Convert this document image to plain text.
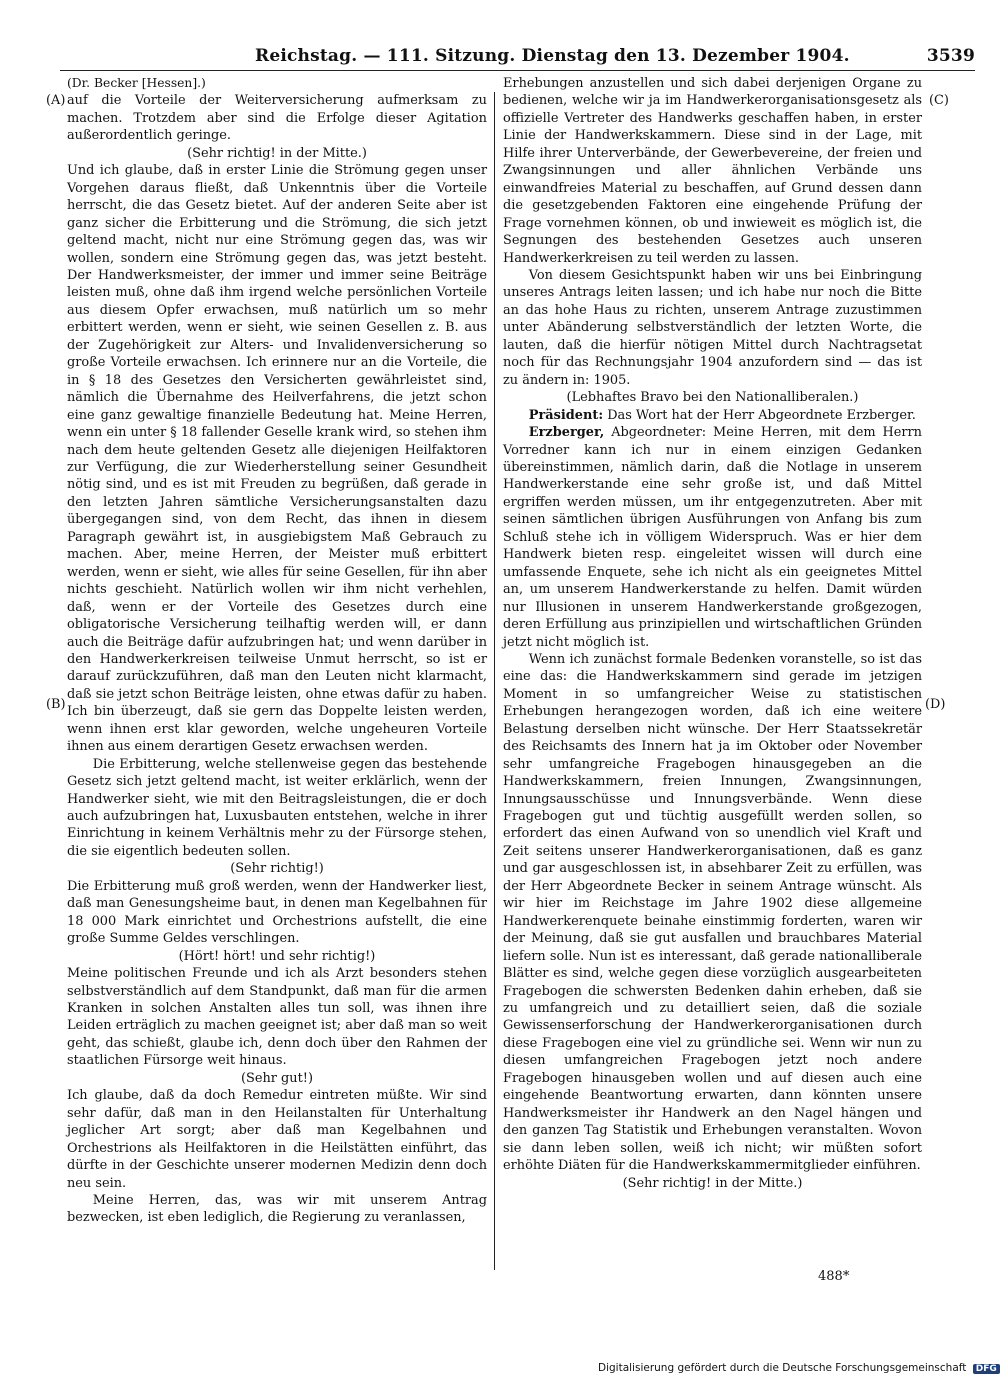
Reichstag. — 111. Sitzung. Dienstag den 13. Dezember 1904.	3539
(A)
(B)
(C)
(D)

(Dr. Becker [Hessen].)

auf die Vorteile der Weiterversicherung aufmerksam zu machen. Trotzdem aber sind die Erfolge dieser Agitation außerordentlich geringe.

(Sehr richtig! in der Mitte.)

Und ich glaube, daß in erster Linie die Strömung gegen unser Vorgehen daraus fließt, daß Unkenntnis über die Vorteile herrscht, die das Gesetz bietet. Auf der anderen Seite aber ist ganz sicher die Erbitterung und die Strömung, die sich jetzt geltend macht, nicht nur eine Strömung gegen das, was wir wollen, sondern eine Strömung gegen das, was jetzt besteht. Der Handwerksmeister, der immer und immer seine Beiträge leisten muß, ohne daß ihm irgend welche persönlichen Vorteile aus diesem Opfer erwachsen, muß natürlich um so mehr erbittert werden, wenn er sieht, wie seinen Gesellen z. B. aus der Zugehörigkeit zur Alters- und Invalidenversicherung so große Vorteile erwachsen. Ich erinnere nur an die Vorteile, die in § 18 des Gesetzes den Versicherten gewährleistet sind, nämlich die Übernahme des Heilverfahrens, die jetzt schon eine ganz gewaltige finanzielle Bedeutung hat. Meine Herren, wenn ein unter § 18 fallender Geselle krank wird, so stehen ihm nach dem heute geltenden Gesetz alle diejenigen Heilfaktoren zur Verfügung, die zur Wiederherstellung seiner Gesundheit nötig sind, und es ist mit Freuden zu begrüßen, daß gerade in den letzten Jahren sämtliche Versicherungsanstalten dazu übergegangen sind, von dem Recht, das ihnen in diesem Paragraph gewährt ist, in ausgiebigstem Maß Gebrauch zu machen. Aber, meine Herren, der Meister muß erbittert werden, wenn er sieht, wie alles für seine Gesellen, für ihn aber nichts geschieht. Natürlich wollen wir ihm nicht verhehlen, daß, wenn er der Vorteile des Gesetzes durch eine obligatorische Versicherung teilhaftig werden will, er dann auch die Beiträge dafür aufzubringen hat; und wenn darüber in den Handwerkerkreisen teilweise Unmut herrscht, so ist er darauf zurückzuführen, daß man den Leuten nicht klarmacht, daß sie jetzt schon Beiträge leisten, ohne etwas dafür zu haben. Ich bin überzeugt, daß sie gern das Doppelte leisten werden, wenn ihnen erst klar geworden, welche ungeheuren Vorteile ihnen aus einem derartigen Gesetz erwachsen werden.

Die Erbitterung, welche stellenweise gegen das bestehende Gesetz sich jetzt geltend macht, ist weiter erklärlich, wenn der Handwerker sieht, wie mit den Beitragsleistungen, die er doch auch aufzubringen hat, Luxusbauten entstehen, welche in ihrer Einrichtung in keinem Verhältnis mehr zu der Fürsorge stehen, die sie eigentlich bedeuten sollen.

(Sehr richtig!)

Die Erbitterung muß groß werden, wenn der Handwerker liest, daß man Genesungsheime baut, in denen man Kegelbahnen für 18 000 Mark einrichtet und Orchestrions aufstellt, die eine große Summe Geldes verschlingen.

(Hört! hört! und sehr richtig!)

Meine politischen Freunde und ich als Arzt besonders stehen selbstverständlich auf dem Standpunkt, daß man für die armen Kranken in solchen Anstalten alles tun soll, was ihnen ihre Leiden erträglich zu machen geeignet ist; aber daß man so weit geht, das schießt, glaube ich, denn doch über den Rahmen der staatlichen Fürsorge weit hinaus.

(Sehr gut!)

Ich glaube, daß da doch Remedur eintreten müßte. Wir sind sehr dafür, daß man in den Heilanstalten für Unterhaltung jeglicher Art sorgt; aber daß man Kegelbahnen und Orchestrions als Heilfaktoren in die Heilstätten einführt, das dürfte in der Geschichte unserer modernen Medizin denn doch neu sein.

Meine Herren, das, was wir mit unserem Antrag bezwecken, ist eben lediglich, die Regierung zu veranlassen,

Erhebungen anzustellen und sich dabei derjenigen Organe zu bedienen, welche wir ja im Handwerkerorganisationsgesetz als offizielle Vertreter des Handwerks geschaffen haben, in erster Linie der Handwerkskammern. Diese sind in der Lage, mit Hilfe ihrer Unterverbände, der Gewerbevereine, der freien und Zwangsinnungen und aller ähnlichen Verbände uns einwandfreies Material zu beschaffen, auf Grund dessen dann die gesetzgebenden Faktoren eine eingehende Prüfung der Frage vornehmen können, ob und inwieweit es möglich ist, die Segnungen des bestehenden Gesetzes auch unseren Handwerkerkreisen zu teil werden zu lassen.

Von diesem Gesichtspunkt haben wir uns bei Einbringung unseres Antrags leiten lassen; und ich habe nur noch die Bitte an das hohe Haus zu richten, unserem Antrage zuzustimmen unter Abänderung selbstverständlich der letzten Worte, die lauten, daß die hierfür nötigen Mittel durch Nachtragsetat noch für das Rechnungsjahr 1904 anzufordern sind — das ist zu ändern in: 1905.

(Lebhaftes Bravo bei den Nationalliberalen.)

Präsident: Das Wort hat der Herr Abgeordnete Erzberger.

Erzberger, Abgeordneter: Meine Herren, mit dem Herrn Vorredner kann ich nur in einem einzigen Gedanken übereinstimmen, nämlich darin, daß die Notlage in unserem Handwerkerstande eine sehr große ist, und daß Mittel ergriffen werden müssen, um ihr entgegenzutreten. Aber mit seinen sämtlichen übrigen Ausführungen von Anfang bis zum Schluß stehe ich in völligem Widerspruch. Was er hier dem Handwerk bieten resp. eingeleitet wissen will durch eine umfassende Enquete, sehe ich nicht als ein geeignetes Mittel an, um unserem Handwerkerstande zu helfen. Damit würden nur Illusionen in unserem Handwerkerstande großgezogen, deren Erfüllung aus prinzipiellen und wirtschaftlichen Gründen jetzt nicht möglich ist.

Wenn ich zunächst formale Bedenken voranstelle, so ist das eine das: die Handwerkskammern sind gerade im jetzigen Moment in so umfangreicher Weise zu statistischen Erhebungen herangezogen worden, daß ich eine weitere Belastung derselben nicht wünsche. Der Herr Staatssekretär des Reichsamts des Innern hat ja im Oktober oder November sehr umfangreiche Fragebogen hinausgegeben an die Handwerkskammern, freien Innungen, Zwangsinnungen, Innungsausschüsse und Innungsverbände. Wenn diese Fragebogen gut und tüchtig ausgefüllt werden sollen, so erfordert das einen Aufwand von so unendlich viel Kraft und Zeit seitens unserer Handwerkerorganisationen, daß es ganz und gar ausgeschlossen ist, in absehbarer Zeit zu erfüllen, was der Herr Abgeordnete Becker in seinem Antrage wünscht. Als wir hier im Reichstage im Jahre 1902 diese allgemeine Handwerkerenquete beinahe einstimmig forderten, waren wir der Meinung, daß sie gut ausfallen und brauchbares Material liefern solle. Nun ist es interessant, daß gerade nationalliberale Blätter es sind, welche gegen diese vorzüglich ausgearbeiteten Fragebogen die schwersten Bedenken dahin erheben, daß sie zu umfangreich und zu detailliert seien, daß die soziale Gewissenserforschung der Handwerkerorganisationen durch diese Fragebogen eine viel zu gründliche sei. Wenn wir nun zu diesen umfangreichen Fragebogen jetzt noch andere Fragebogen hinausgeben wollen und auf diesen auch eine eingehende Beantwortung erwarten, dann könnten unsere Handwerksmeister ihr Handwerk an den Nagel hängen und den ganzen Tag Statistik und Erhebungen veranstalten. Wovon sie dann leben sollen, weiß ich nicht; wir müßten sofort erhöhte Diäten für die Handwerkskammermitglieder einführen.

(Sehr richtig! in der Mitte.)

488*
Digitalisierung gefördert durch die Deutsche Forschungsgemeinschaft DFG
